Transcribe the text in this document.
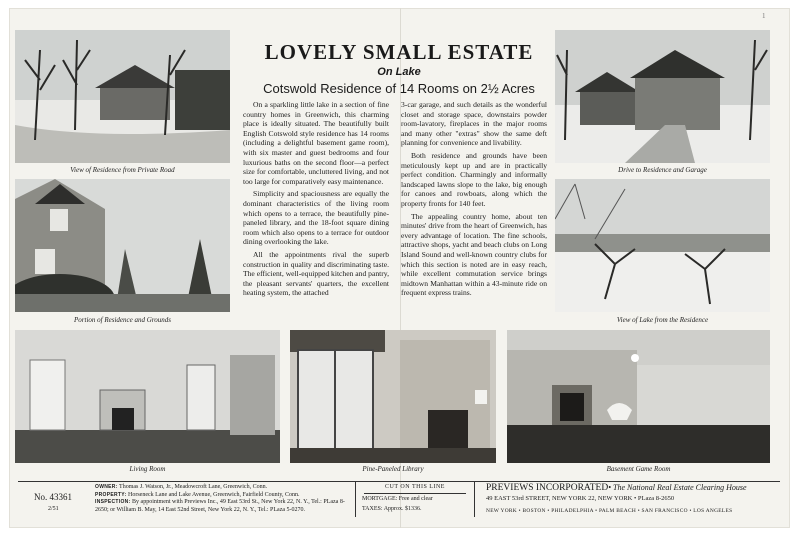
1
View of Residence from Private Road
Portion of Residence and Grounds
Drive to Residence and Garage
View of Lake from the Residence
Living Room	Pine-Paneled Library	Basement Game Room
LOVELY SMALL ESTATE
On Lake
Cotswold Residence of 14 Rooms on 2½ Acres

On a sparkling little lake in a section of fine country homes in Greenwich, this charming place is ideally situated. The beautifully built English Cotswold style residence has 14 rooms (including a delightful basement game room), with six master and guest bedrooms and four luxurious baths on the second floor—a perfect size for comfortable, uncluttered living, and not too large for comparatively easy maintenance.

Simplicity and spaciousness are equally the dominant characteristics of the living room which opens to a terrace, the beautifully pine-paneled library, and the 18-foot square dining room which also opens to a terrace for outdoor dining overlooking the lake.

All the appointments rival the superb construction in quality and discriminating taste. The efficient, well-equipped kitchen and pantry, the pleasant servants' quarters, the excellent heating system, the attached

3-car garage, and such details as the wonderful closet and storage space, downstairs powder room-lavatory, fireplaces in the major rooms and many other "extras" show the same deft planning for convenience and livability.

Both residence and grounds have been meticulously kept up and are in practically perfect condition. Charmingly and informally landscaped lawns slope to the lake, big enough for canoes and rowboats, along which the property fronts for 140 feet.

The appealing country home, about ten minutes' drive from the heart of Greenwich, has every advantage of location. The fine schools, attractive shops, yacht and beach clubs on Long Island Sound and well-known country clubs for which this section is noted are in easy reach, while excellent commutation service brings midtown Manhattan within a 43-minute ride on frequent express trains.

No. 43361
2/51
OWNER: Thomas J. Watson, Jr., Meadowcroft Lane, Greenwich, Conn.
PROPERTY: Horseneck Lane and Lake Avenue, Greenwich, Fairfield County, Conn.
INSPECTION: By appointment with Previews Inc., 49 East 53rd St., New York 22, N. Y., Tel.: PLaza 8-2650; or William B. May, 14 East 52nd Street, New York 22, N. Y., Tel.: PLaza 5-0270.
CUT ON THIS LINE
MORTGAGE: Free and clear
TAXES: Approx. $1336.
PREVIEWS INCORPORATED• The National Real Estate Clearing House
49 EAST 53rd STREET, NEW YORK 22, NEW YORK • PLaza 8-2650
NEW YORK • BOSTON • PHILADELPHIA • PALM BEACH • SAN FRANCISCO • LOS ANGELES
